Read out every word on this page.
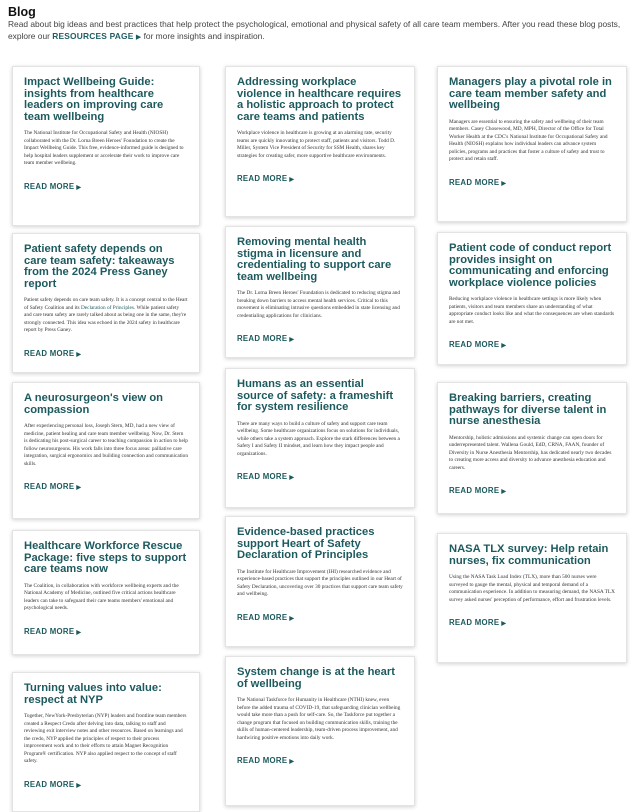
Blog

Read about big ideas and best practices that help protect the psychological, emotional and physical safety of all care team members. After you read these blog posts, explore our RESOURCES PAGE ▶ for more insights and inspiration.

Impact Wellbeing Guide: insights from healthcare leaders on improving care team wellbeing

The National Institute for Occupational Safety and Health (NIOSH) collaborated with the Dr. Lorna Breen Heroes' Foundation to create the Impact Wellbeing Guide. This free, evidence-informed guide is designed to help hospital leaders supplement or accelerate their work to improve care team member wellbeing.

READ MORE ▶
Patient safety depends on care team safety: takeaways from the 2024 Press Ganey report

Patient safety depends on care team safety. It is a concept central to the Heart of Safety Coalition and its Declaration of Principles. While patient safety and care team safety are rarely talked about as being one in the same, they're strongly connected. This idea was echoed in the 2024 safety in healthcare report by Press Ganey.

READ MORE ▶
A neurosurgeon's view on compassion

After experiencing personal loss, Joseph Stern, MD, had a new view of medicine, patient healing and care team member wellbeing. Now, Dr. Stern is dedicating his post-surgical career to teaching compassion in action to help follow neurosurgeons. His work falls into three focus areas: palliative care integration, surgical ergonomics and building connection and communication skills.

READ MORE ▶
Healthcare Workforce Rescue Package: five steps to support care teams now

The Coalition, in collaboration with workforce wellbeing experts and the National Academy of Medicine, outlined five critical actions healthcare leaders can take to safeguard their care teams members' emotional and psychological needs.

READ MORE ▶
Turning values into value: respect at NYP

Together, NewYork-Presbyterian (NYP) leaders and frontline team members created a Respect Credo after delving into data, talking to staff and reviewing exit interview notes and other resources. Based on learnings and the credo, NYP applied the principles of respect to their process improvement work and to their efforts to attain Magnet Recognition Program® certification. NYP also applied respect to the concept of staff safety.

READ MORE ▶
Addressing workplace violence in healthcare requires a holistic approach to protect care teams and patients

Workplace violence in healthcare is growing at an alarming rate, security teams are quickly innovating to protect staff, patients and visitors. Todd D. Miller, System Vice President of Security for SSM Health, shares key strategies for creating safer, more supportive healthcare environments.

READ MORE ▶
Removing mental health stigma in licensure and credentialing to support care team wellbeing

The Dr. Lorna Breen Heroes' Foundation is dedicated to reducing stigma and breaking down barriers to access mental health services. Critical to this movement is eliminating intrusive questions embedded in state licensing and credentialing applications for clinicians.

READ MORE ▶
Humans as an essential source of safety: a frameshift for system resilience

There are many ways to build a culture of safety and support care team wellbeing. Some healthcare organizations focus on solutions for individuals, while others take a system approach. Explore the stark differences between a Safety I and Safety II mindset, and learn how they impact people and organizations.

READ MORE ▶
Evidence-based practices support Heart of Safety Declaration of Principles

The Institute for Healthcare Improvement (IHI) researched evidence and experience-based practices that support the principles outlined in our Heart of Safety Declaration, uncovering over 30 practices that support care team safety and wellbeing.

READ MORE ▶
System change is at the heart of wellbeing

The National Taskforce for Humanity in Healthcare (NTHI) knew, even before the added trauma of COVID-19, that safeguarding clinician wellbeing would take more than a push for self-care. So, the Taskforce put together a change program that focused on building communication skills, training the skills of human-centered leadership, team-driven process improvement, and hardwiring positive emotions into daily work.

READ MORE ▶
Managers play a pivotal role in care team member safety and wellbeing

Managers are essential to ensuring the safety and wellbeing of their team members. Casey Chosewood, MD, MPH, Director of the Office for Total Worker Health at the CDC's National Institute for Occupational Safety and Health (NIOSH) explains how individual leaders can advance system policies, programs and practices that foster a culture of safety and trust to protect and retain staff.

READ MORE ▶
Patient code of conduct report provides insight on communicating and enforcing workplace violence policies

Reducing workplace violence in healthcare settings is more likely when patients, visitors and team members share an understanding of what appropriate conduct looks like and what the consequences are when standards are not met.

READ MORE ▶
Breaking barriers, creating pathways for diverse talent in nurse anesthesia

Mentorship, holistic admissions and systemic change can open doors for underrepresented talent. Wallena Gould, EdD, CRNA, FAAN, founder of Diversity in Nurse Anesthesia Mentorship, has dedicated nearly two decades to creating more access and diversity to advance anesthesia education and careers.

READ MORE ▶
NASA TLX survey: Help retain nurses, fix communication

Using the NASA Task Load Index (TLX), more than 500 nurses were surveyed to gauge the mental, physical and temporal demand of a communication experience. In addition to measuring demand, the NASA TLX survey asked nurses' perception of performance, effort and frustration levels.

READ MORE ▶
